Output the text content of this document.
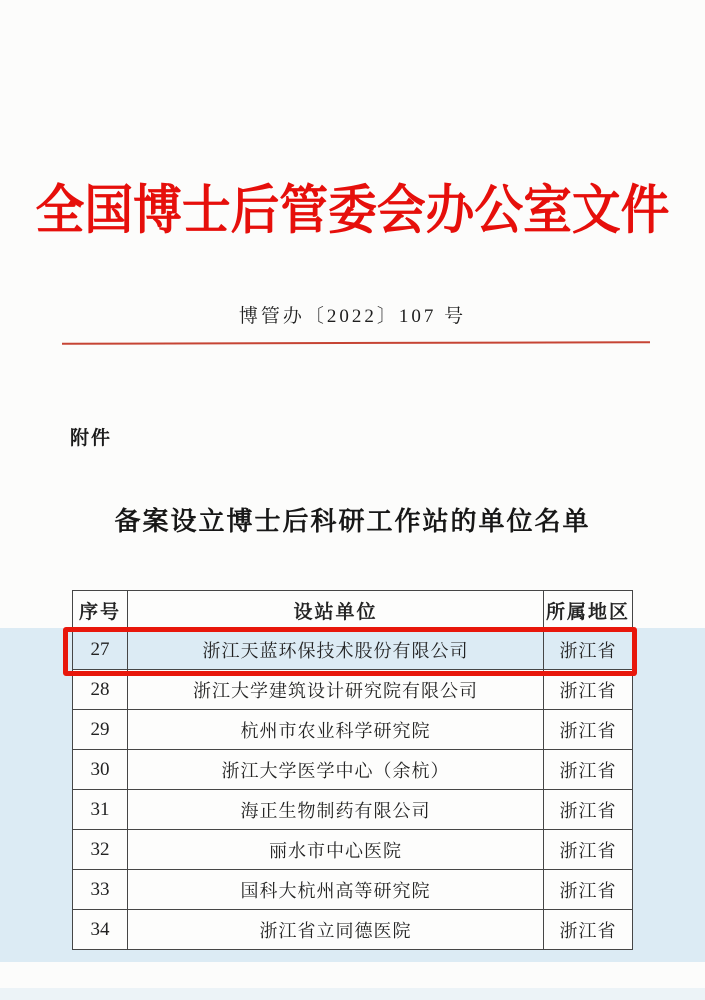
全国博士后管委会办公室文件
博管办〔2022〕107 号
附件
备案设立博士后科研工作站的单位名单
序号	设站单位	所属地区
27	浙江天蓝环保技术股份有限公司	浙江省
28	浙江大学建筑设计研究院有限公司	浙江省
29	杭州市农业科学研究院	浙江省
30	浙江大学医学中心（余杭）	浙江省
31	海正生物制药有限公司	浙江省
32	丽水市中心医院	浙江省
33	国科大杭州高等研究院	浙江省
34	浙江省立同德医院	浙江省
